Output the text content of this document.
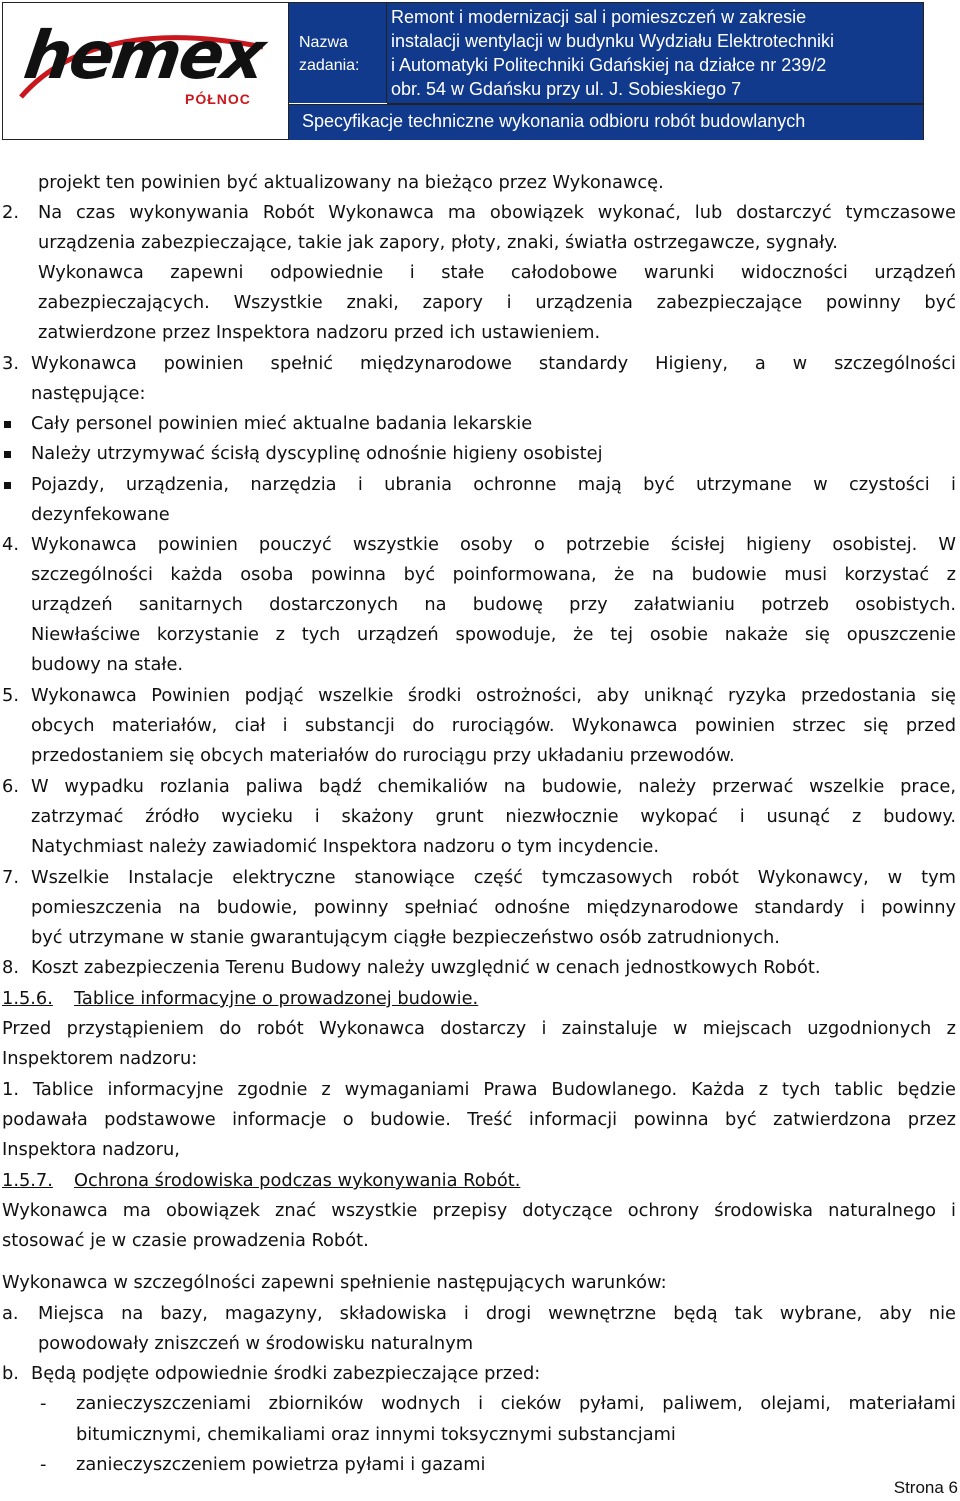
hemex
PÓŁNOC
Nazwa
zadania:
Remont i modernizacji sal i pomieszczeń w zakresie
instalacji wentylacji w budynku Wydziału Elektrotechniki
i Automatyki Politechniki Gdańskiej na działce nr 239/2
obr. 54 w Gdańsku przy ul. J. Sobieskiego 7
Specyfikacje techniczne wykonania odbioru robót budowlanych
projekt ten powinien być aktualizowany na bieżąco przez Wykonawcę.
2. Na czas wykonywania Robót Wykonawca ma obowiązek wykonać, lub dostarczyć tymczasowe
urządzenia zabezpieczające, takie jak zapory, płoty, znaki, światła ostrzegawcze, sygnały.
Wykonawca zapewni odpowiednie i stałe całodobowe warunki widoczności urządzeń
zabezpieczających. Wszystkie znaki, zapory i urządzenia zabezpieczające powinny być
zatwierdzone przez Inspektora nadzoru przed ich ustawieniem.
3. Wykonawca powinien spełnić międzynarodowe standardy Higieny, a w szczególności
następujące:
Cały personel powinien mieć aktualne badania lekarskie
Należy utrzymywać ścisłą dyscyplinę odnośnie higieny osobistej
Pojazdy, urządzenia, narzędzia i ubrania ochronne mają być utrzymane w czystości i
dezynfekowane
4. Wykonawca powinien pouczyć wszystkie osoby o potrzebie ścisłej higieny osobistej. W
szczególności każda osoba powinna być poinformowana, że na budowie musi korzystać z
urządzeń sanitarnych dostarczonych na budowę przy załatwianiu potrzeb osobistych.
Niewłaściwe korzystanie z tych urządzeń spowoduje, że tej osobie nakaże się opuszczenie
budowy na stałe.
5. Wykonawca Powinien podjąć wszelkie środki ostrożności, aby uniknąć ryzyka przedostania się
obcych materiałów, ciał i substancji do rurociągów. Wykonawca powinien strzec się przed
przedostaniem się obcych materiałów do rurociągu przy układaniu przewodów.
6. W wypadku rozlania paliwa bądź chemikaliów na budowie, należy przerwać wszelkie prace,
zatrzymać źródło wycieku i skażony grunt niezwłocznie wykopać i usunąć z budowy.
Natychmiast należy zawiadomić Inspektora nadzoru o tym incydencie.
7. Wszelkie Instalacje elektryczne stanowiące część tymczasowych robót Wykonawcy, w tym
pomieszczenia na budowie, powinny spełniać odnośne międzynarodowe standardy i powinny
być utrzymane w stanie gwarantującym ciągłe bezpieczeństwo osób zatrudnionych.
8. Koszt zabezpieczenia Terenu Budowy należy uwzględnić w cenach jednostkowych Robót.
1.5.6. Tablice informacyjne o prowadzonej budowie.
Przed przystąpieniem do robót Wykonawca dostarczy i zainstaluje w miejscach uzgodnionych z
Inspektorem nadzoru:
1. Tablice informacyjne zgodnie z wymaganiami Prawa Budowlanego. Każda z tych tablic będzie
podawała podstawowe informacje o budowie. Treść informacji powinna być zatwierdzona przez
Inspektora nadzoru,
1.5.7. Ochrona środowiska podczas wykonywania Robót.
Wykonawca ma obowiązek znać wszystkie przepisy dotyczące ochrony środowiska naturalnego i
stosować je w czasie prowadzenia Robót.
Wykonawca w szczególności zapewni spełnienie następujących warunków:
a. Miejsca na bazy, magazyny, składowiska i drogi wewnętrzne będą tak wybrane, aby nie
powodowały zniszczeń w środowisku naturalnym
b. Będą podjęte odpowiednie środki zabezpieczające przed:
- zanieczyszczeniami zbiorników wodnych i cieków pyłami, paliwem, olejami, materiałami
bitumicznymi, chemikaliami oraz innymi toksycznymi substancjami
- zanieczyszczeniem powietrza pyłami i gazami
Strona 6
